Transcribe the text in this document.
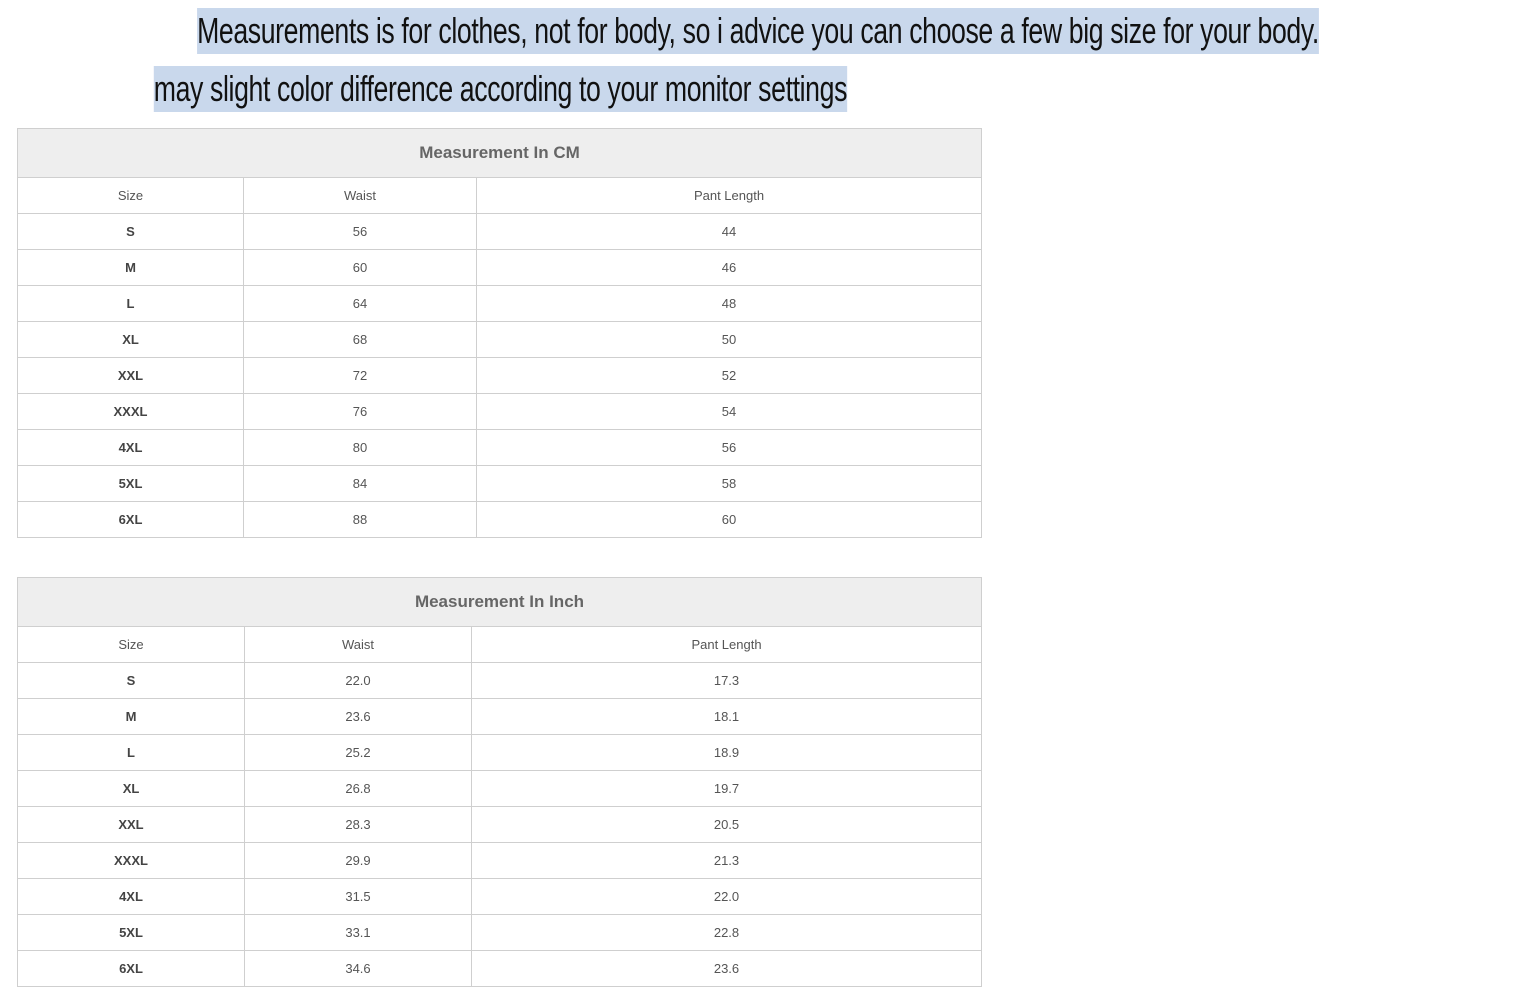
Measurements is for clothes, not for body, so i advice you can choose a few big size for your body.
may slight color difference according to your monitor settings
Measurement In CM		
Size	Waist	Pant Length
S	56	44
M	60	46
L	64	48
XL	68	50
XXL	72	52
XXXL	76	54
4XL	80	56
5XL	84	58
6XL	88	60
Measurement In Inch		
Size	Waist	Pant Length
S	22.0	17.3
M	23.6	18.1
L	25.2	18.9
XL	26.8	19.7
XXL	28.3	20.5
XXXL	29.9	21.3
4XL	31.5	22.0
5XL	33.1	22.8
6XL	34.6	23.6
